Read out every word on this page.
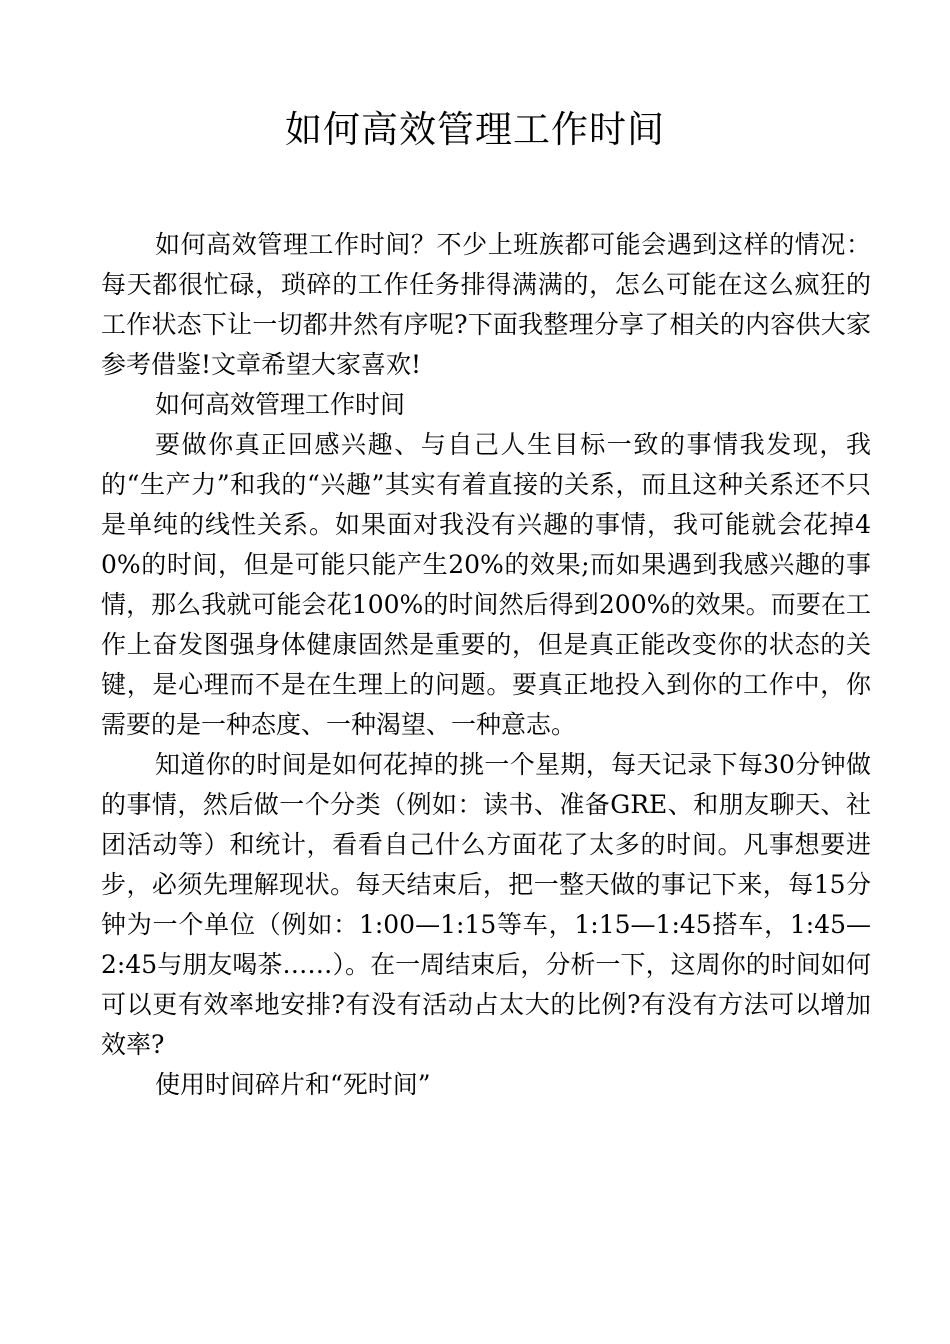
如何高效管理工作时间

如何高效管理工作时间？不少上班族都可能会遇到这样的情况：每天都很忙碌，琐碎的工作任务排得满满的，怎么可能在这么疯狂的工作状态下让一切都井然有序呢?下面我整理分享了相关的内容供大家参考借鉴!文章希望大家喜欢!

如何高效管理工作时间

要做你真正回感兴趣、与自己人生目标一致的事情我发现，我的“生产力”和我的“兴趣”其实有着直接的关系，而且这种关系还不只是单纯的线性关系。如果面对我没有兴趣的事情，我可能就会花掉40%的时间，但是可能只能产生20%的效果;而如果遇到我感兴趣的事情，那么我就可能会花100%的时间然后得到200%的效果。而要在工作上奋发图强身体健康固然是重要的，但是真正能改变你的状态的关键，是心理而不是在生理上的问题。要真正地投入到你的工作中，你需要的是一种态度、一种渴望、一种意志。

知道你的时间是如何花掉的挑一个星期，每天记录下每30分钟做的事情，然后做一个分类（例如：读书、准备GRE、和朋友聊天、社团活动等）和统计，看看自己什么方面花了太多的时间。凡事想要进步，必须先理解现状。每天结束后，把一整天做的事记下来，每15分钟为一个单位（例如：1:00—1:15等车，1:15—1:45搭车，1:45—2:45与朋友喝茶……）。在一周结束后，分析一下，这周你的时间如何可以更有效率地安排?有没有活动占太大的比例?有没有方法可以增加效率?

使用时间碎片和“死时间”
